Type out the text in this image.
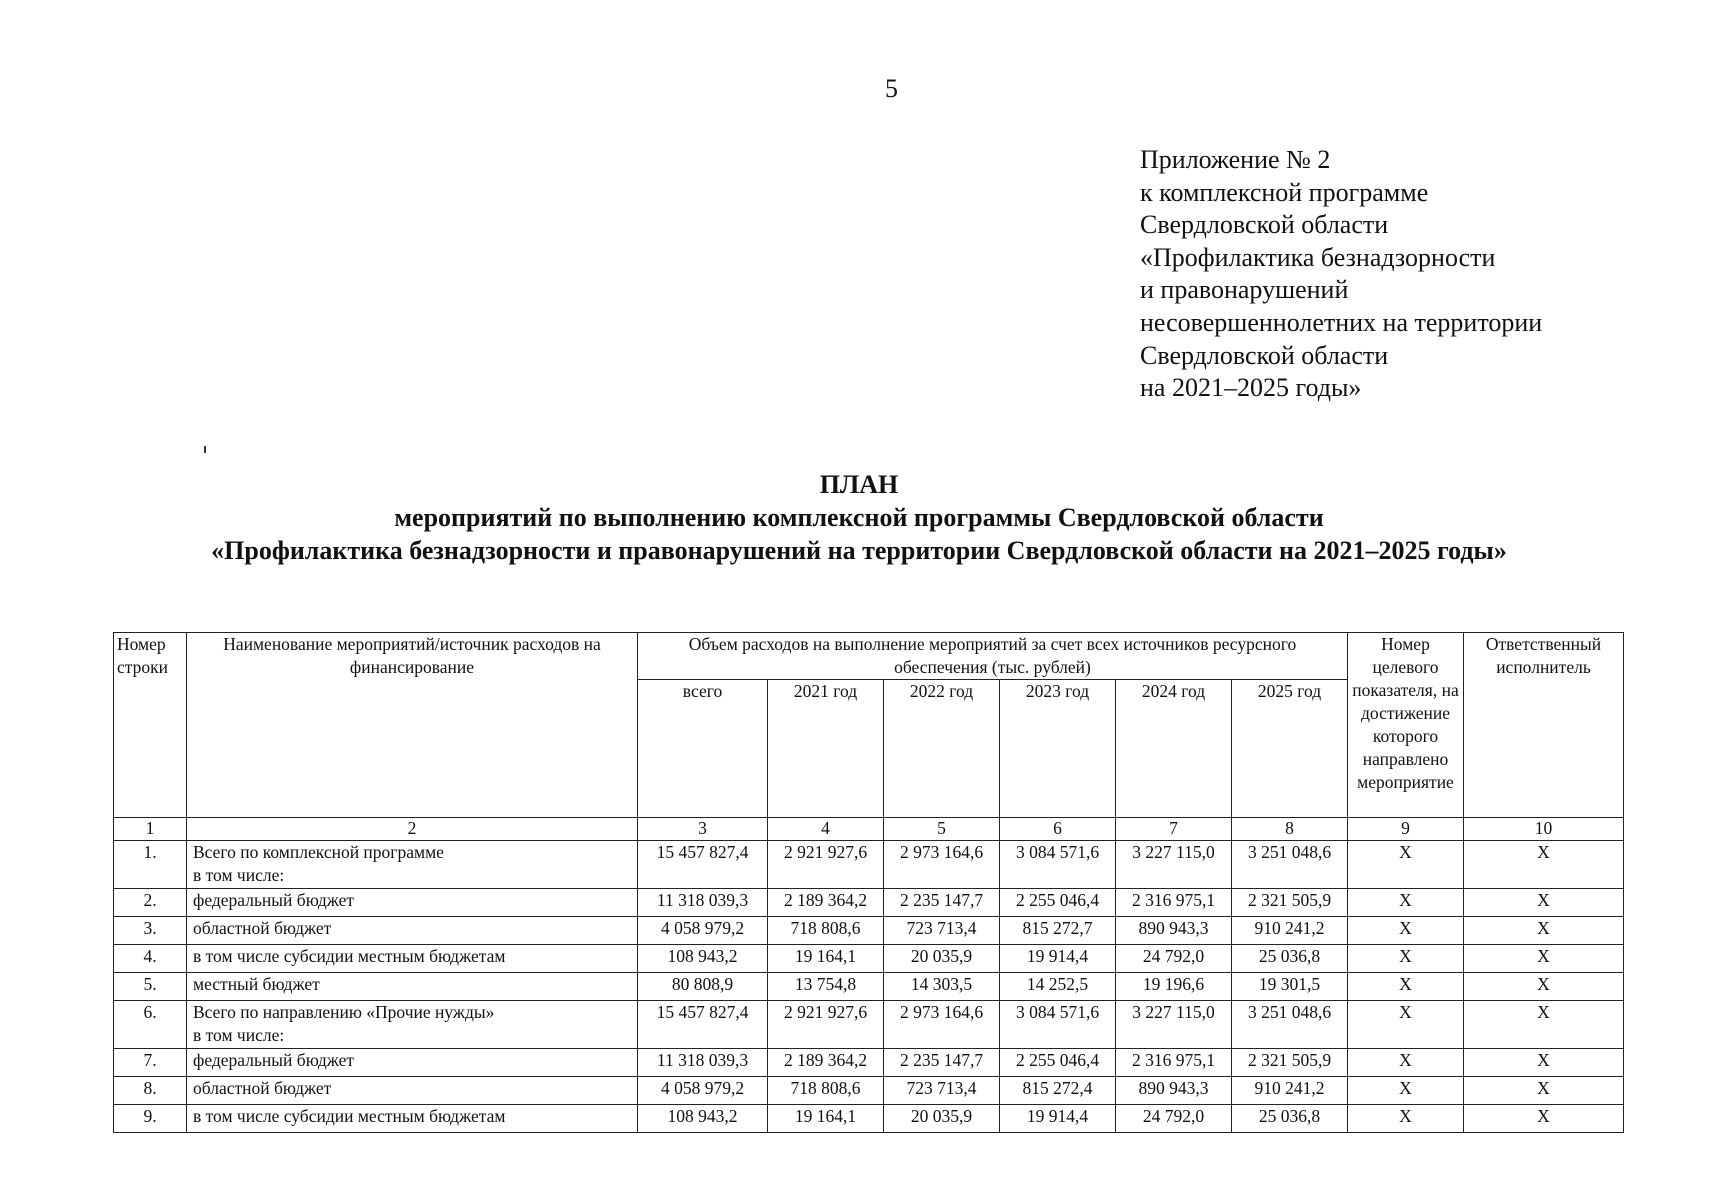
5
Приложение № 2
к комплексной программе
Свердловской области
«Профилактика безнадзорности
и правонарушений
несовершеннолетних на территории
Свердловской области
на 2021–2025 годы»
ПЛАН
мероприятий по выполнению комплексной программы Свердловской области
«Профилактика безнадзорности и правонарушений на территории Свердловской области на 2021–2025 годы»
Номер строки	Наименование мероприятий/источник расходов на финансирование	Объем расходов на выполнение мероприятий за счет всех источников ресурсного обеспечения (тыс. рублей)						Номер целевого показателя, на достижение которого направлено мероприятие	Ответственный исполнитель
		всего	2021 год	2022 год	2023 год	2024 год	2025 год		
1	2	3	4	5	6	7	8	9	10
1.	Всего по комплексной программе
в том числе:	15 457 827,4	2 921 927,6	2 973 164,6	3 084 571,6	3 227 115,0	3 251 048,6	Х	Х
2.	федеральный бюджет	11 318 039,3	2 189 364,2	2 235 147,7	2 255 046,4	2 316 975,1	2 321 505,9	Х	Х
3.	областной бюджет	4 058 979,2	718 808,6	723 713,4	815 272,7	890 943,3	910 241,2	Х	Х
4.	в том числе субсидии местным бюджетам	108 943,2	19 164,1	20 035,9	19 914,4	24 792,0	25 036,8	Х	Х
5.	местный бюджет	80 808,9	13 754,8	14 303,5	14 252,5	19 196,6	19 301,5	Х	Х
6.	Всего по направлению «Прочие нужды»
в том числе:	15 457 827,4	2 921 927,6	2 973 164,6	3 084 571,6	3 227 115,0	3 251 048,6	Х	Х
7.	федеральный бюджет	11 318 039,3	2 189 364,2	2 235 147,7	2 255 046,4	2 316 975,1	2 321 505,9	Х	Х
8.	областной бюджет	4 058 979,2	718 808,6	723 713,4	815 272,4	890 943,3	910 241,2	Х	Х
9.	в том числе субсидии местным бюджетам	108 943,2	19 164,1	20 035,9	19 914,4	24 792,0	25 036,8	Х	Х
